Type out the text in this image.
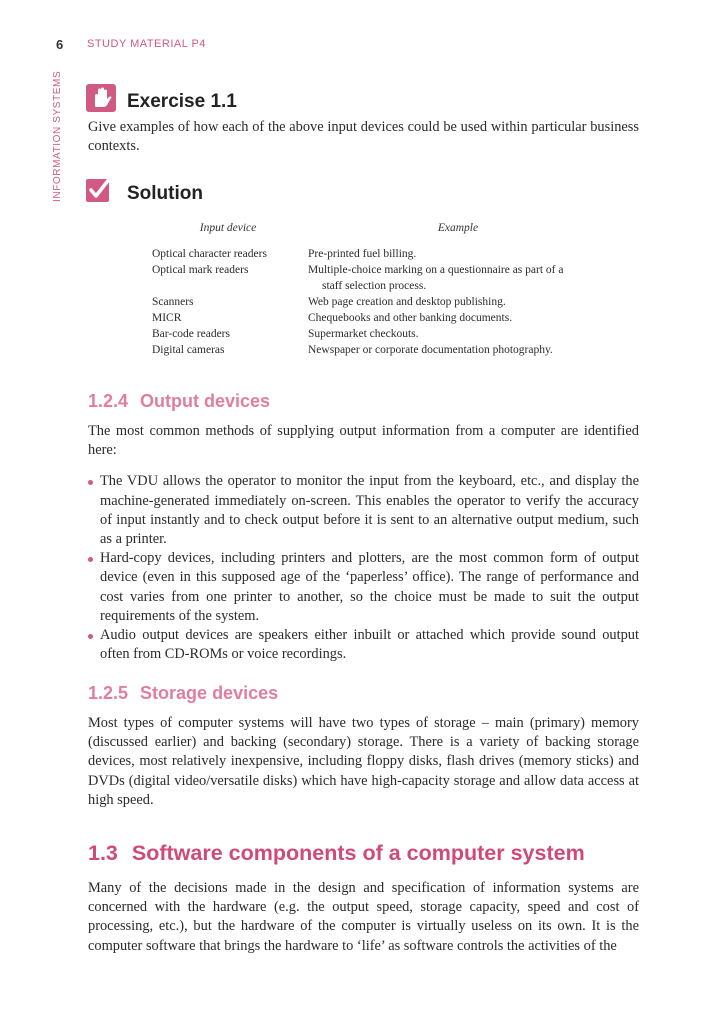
6 STUDY MATERIAL P4
INFORMATION SYSTEMS	Exercise 1.1
Give examples of how each of the above input devices could be used within particular business contexts.
Solution
Input device	Example
Optical character readers	Pre-printed fuel billing.
Optical mark readers	Multiple-choice marking on a questionnaire as part of a
staff selection process.

Scanners	Web page creation and desktop publishing.
MICR	Chequebooks and other banking documents.
Bar-code readers	Supermarket checkouts.
Digital cameras	Newspaper or corporate documentation photography.
1.2.4 Output devices

The most common methods of supplying output information from a computer are identified here:

The VDU allows the operator to monitor the input from the keyboard, etc., and display the machine-generated immediately on-screen. This enables the operator to verify the accuracy of input instantly and to check output before it is sent to an alternative output medium, such as a printer.
Hard-copy devices, including printers and plotters, are the most common form of output device (even in this supposed age of the ‘paperless’ office). The range of performance and cost varies from one printer to another, so the choice must be made to suit the output requirements of the system.
Audio output devices are speakers either inbuilt or attached which provide sound output often from CD-ROMs or voice recordings.
1.2.5 Storage devices
Most types of computer systems will have two types of storage – main (primary) memory (discussed earlier) and backing (secondary) storage. There is a variety of backing storage devices, most relatively inexpensive, including floppy disks, flash drives (memory sticks) and DVDs (digital video/versatile disks) which have high-capacity storage and allow data access at high speed.
1.3 Software components of a computer system
Many of the decisions made in the design and specification of information systems are concerned with the hardware (e.g. the output speed, storage capacity, speed and cost of processing, etc.), but the hardware of the computer is virtually useless on its own. It is the computer software that brings the hardware to ‘life’ as software controls the activities of the
